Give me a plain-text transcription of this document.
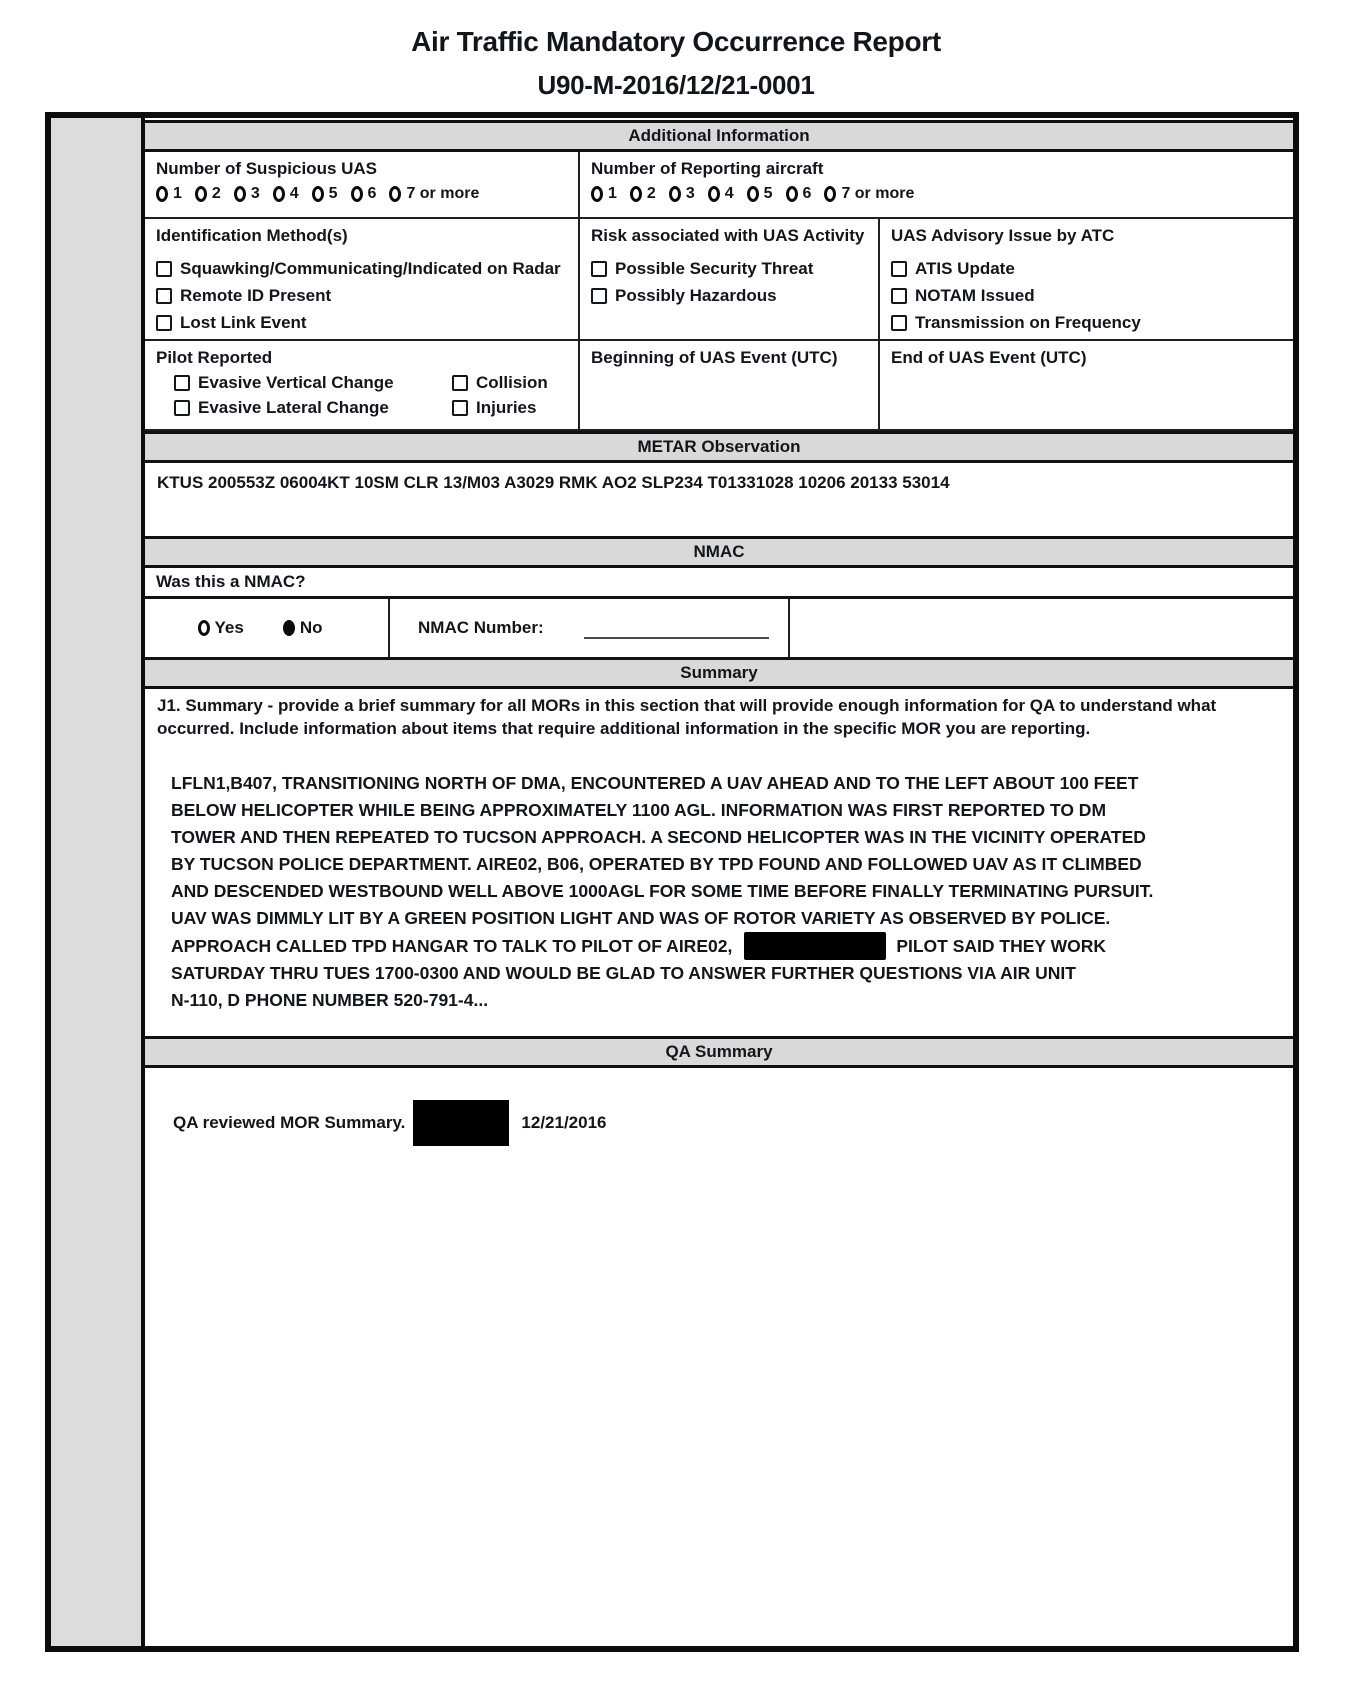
Air Traffic Mandatory Occurrence Report
U90-M-2016/12/21-0001
Additional Information
Number of Suspicious UAS
1 2 3 4 5 6 7 or more
Number of Reporting aircraft
1 2 3 4 5 6 7 or more
Identification Method(s)
Squawking/Communicating/Indicated on Radar
Remote ID Present
Lost Link Event
Risk associated with UAS Activity
Possible Security Threat
Possibly Hazardous
UAS Advisory Issue by ATC
ATIS Update
NOTAM Issued
Transmission on Frequency
Pilot Reported
Evasive Vertical Change	Collision
Evasive Lateral Change	Injuries
Beginning of UAS Event (UTC)	End of UAS Event (UTC)
METAR Observation
KTUS 200553Z 06004KT 10SM CLR 13/M03 A3029 RMK AO2 SLP234 T01331028 10206 20133 53014
NMAC
Was this a NMAC?
Yes	No	NMAC Number:
Summary
J1. Summary - provide a brief summary for all MORs in this section that will provide enough information for QA to understand what occurred. Include information about items that require additional information in the specific MOR you are reporting.
LFLN1,B407, TRANSITIONING NORTH OF DMA, ENCOUNTERED A UAV AHEAD AND TO THE LEFT ABOUT 100 FEET
BELOW HELICOPTER WHILE BEING APPROXIMATELY 1100 AGL. INFORMATION WAS FIRST REPORTED TO DM
TOWER AND THEN REPEATED TO TUCSON APPROACH. A SECOND HELICOPTER WAS IN THE VICINITY OPERATED
BY TUCSON POLICE DEPARTMENT. AIRE02, B06, OPERATED BY TPD FOUND AND FOLLOWED UAV AS IT CLIMBED
AND DESCENDED WESTBOUND WELL ABOVE 1000AGL FOR SOME TIME BEFORE FINALLY TERMINATING PURSUIT.
UAV WAS DIMMLY LIT BY A GREEN POSITION LIGHT AND WAS OF ROTOR VARIETY AS OBSERVED BY POLICE.
APPROACH CALLED TPD HANGAR TO TALK TO PILOT OF AIRE02,	PILOT SAID THEY WORK
SATURDAY THRU TUES 1700-0300 AND WOULD BE GLAD TO ANSWER FURTHER QUESTIONS VIA AIR UNIT
N-110, D PHONE NUMBER 520-791-4...
QA Summary
QA reviewed MOR Summary.	12/21/2016
